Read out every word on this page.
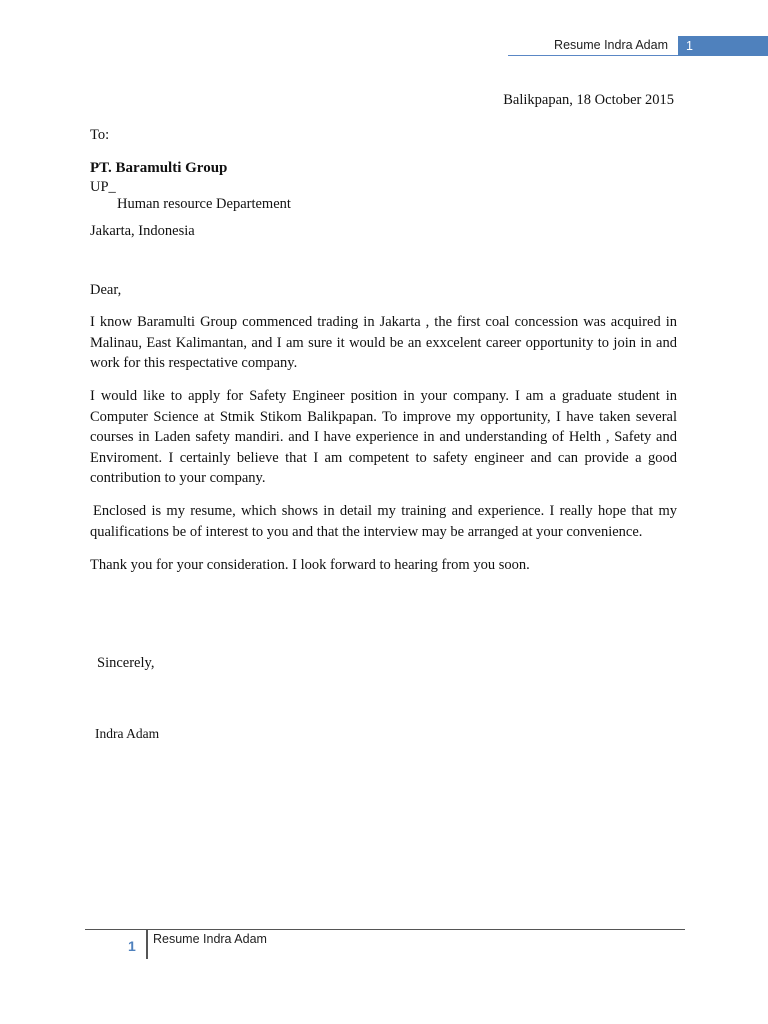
Resume Indra Adam	1
Balikpapan, 18 October 2015
To:
PT. Baramulti Group
UP_
Human resource Departement
Jakarta, Indonesia
Dear,

I know Baramulti Group commenced trading in Jakarta , the first coal concession was acquired in Malinau, East Kalimantan, and I am sure it would be an exxcelent career opportunity to join in and work for this respectative company.

I would like to apply for Safety Engineer position in your company. I am a graduate student in Computer Science at Stmik Stikom Balikpapan. To improve my opportunity, I have taken several courses in Laden safety mandiri. and I have experience in and understanding of Helth , Safety and Enviroment. I certainly believe that I am competent to safety engineer and can provide a good contribution to your company.

Enclosed is my resume, which shows in detail my training and experience. I really hope that my qualifications be of interest to you and that the interview may be arranged at your convenience.

Thank you for your consideration. I look forward to hearing from you soon.

Sincerely,
Indra Adam
1 Resume Indra Adam
